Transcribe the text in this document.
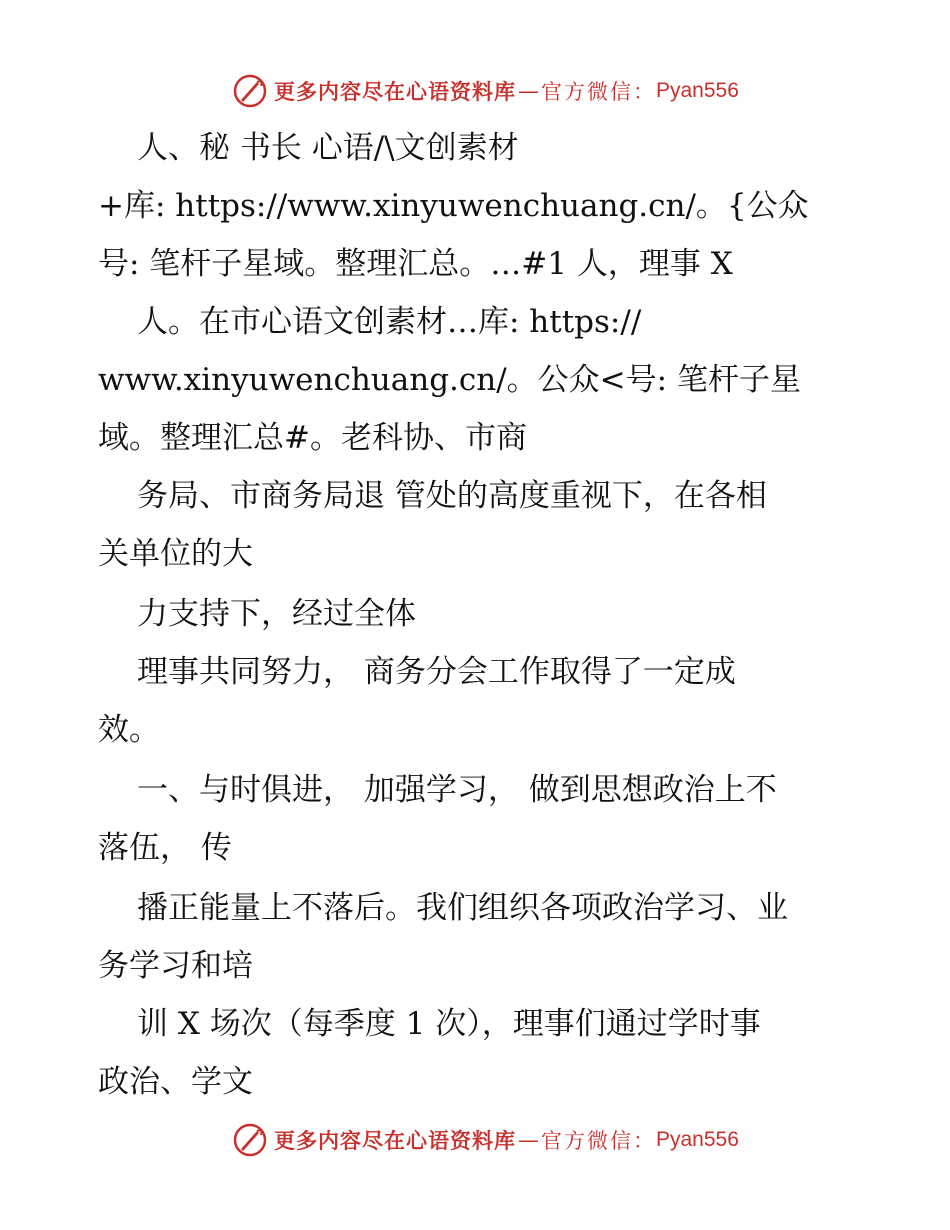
更多内容尽在心语资料库 — 官方微信： Pyan556
人、秘 书长 心语/\文创素材
+库: https://www.xinyuwenchuang.cn/。{公众
号: 笔杆子星域。整理汇总。…#1 人，理事 X
人。在市心语文创素材…库: https://
www.xinyuwenchuang.cn/。公众<号: 笔杆子星
域。整理汇总#。老科协、市商
务局、市商务局退 管处的高度重视下，在各相
关单位的大
力支持下，经过全体
理事共同努力， 商务分会工作取得了一定成
效。
一、与时俱进， 加强学习， 做到思想政治上不
落伍， 传
播正能量上不落后。我们组织各项政治学习、业
务学习和培
训 X 场次（每季度 1 次），理事们通过学时事
政治、学文
更多内容尽在心语资料库 — 官方微信： Pyan556
